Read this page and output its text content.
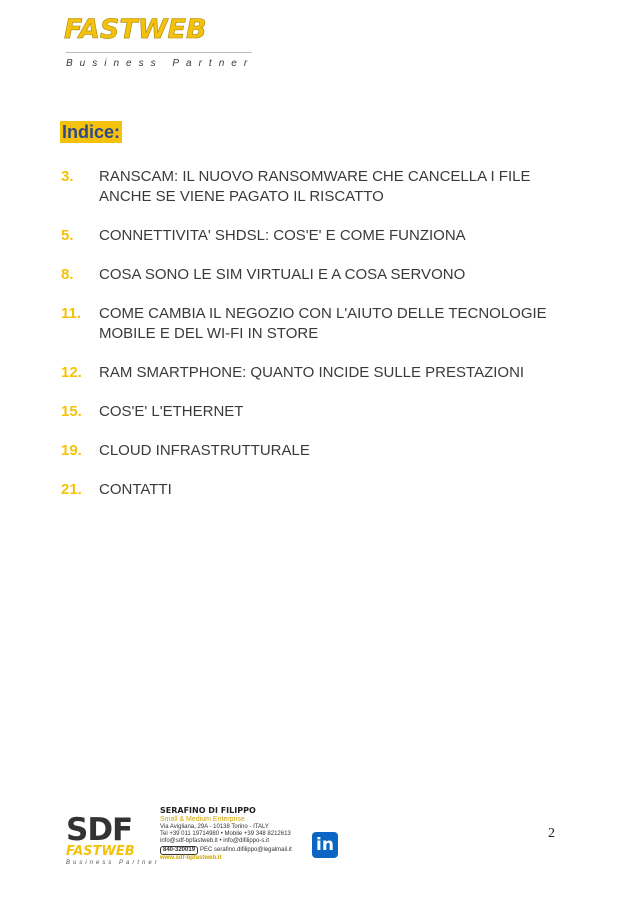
FASTWEB
Business Partner
Indice:
3.	RANSCAM: IL NUOVO RANSOMWARE CHE CANCELLA I FILE ANCHE SE VIENE PAGATO IL RISCATTO
5.	CONNETTIVITA' SHDSL: COS'E' E COME FUNZIONA
8.	COSA SONO LE SIM VIRTUALI E A COSA SERVONO
11.	COME CAMBIA IL NEGOZIO CON L'AIUTO DELLE TECNOLOGIE MOBILE E DEL WI-FI IN STORE
12.	RAM SMARTPHONE: QUANTO INCIDE SULLE PRESTAZIONI
15.	COS'E' L'ETHERNET
19.	CLOUD INFRASTRUTTURALE
21.	CONTATTI
SDF
FASTWEB
Business Partner
SERAFINO DI FILIPPO
Small & Medium Enterprise
Via Avigliana, 29A - 10138 Torino - ITALY
Tel +39 011 19714980 • Mobile +39 348 8212613
info@sdf-bpfastweb.it • info@difilippo-s.it
840-320019 PEC serafino.difilippo@legalmail.it
www.sdf-bpfastweb.it
in
2
